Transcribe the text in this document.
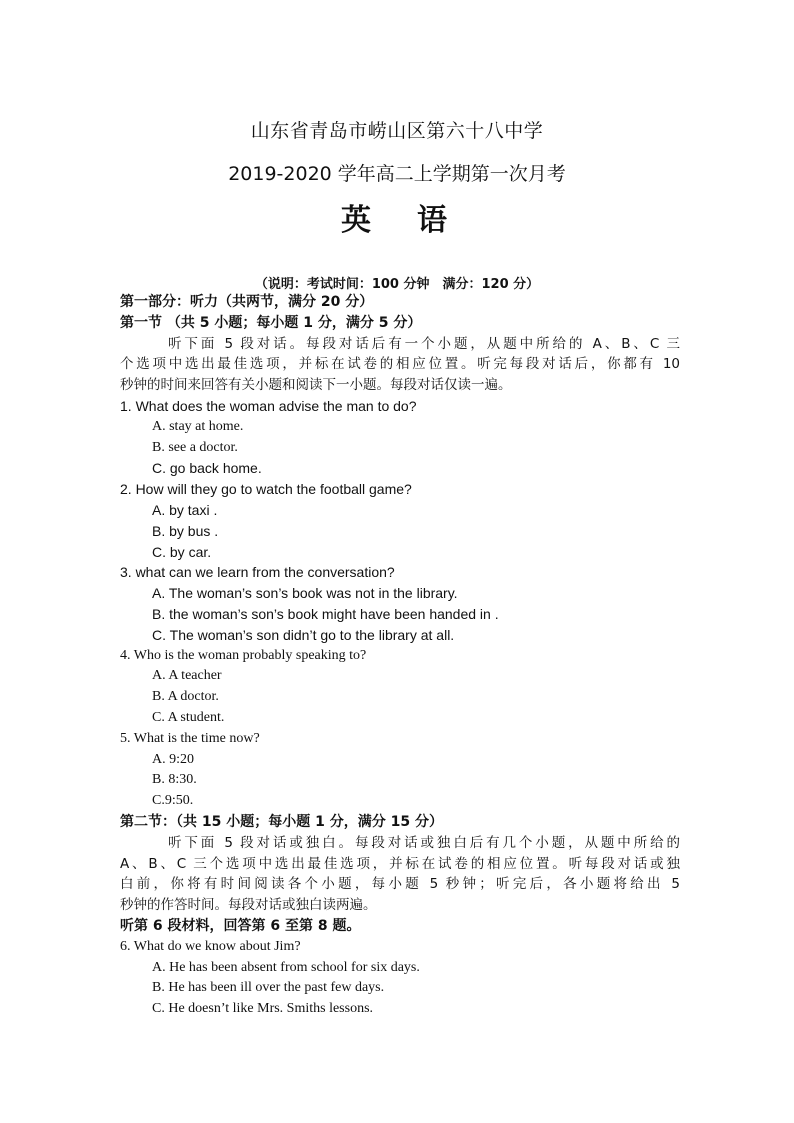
山东省青岛市崂山区第六十八中学
2019-2020 学年高二上学期第一次月考
英 语
（说明：考试时间：100 分钟　满分：120 分）
第一部分：听力（共两节，满分 20 分）
第一节 （共 5 小题；每小题 1 分，满分 5 分）
听下面 5 段对话。每段对话后有一个小题，从题中所给的 A、B、C 三
个选项中选出最佳选项，并标在试卷的相应位置。听完每段对话后，你都有 10
秒钟的时间来回答有关小题和阅读下一小题。每段对话仅读一遍。
1. What does the woman advise the man to do?
A. stay at home.
B. see a doctor.
C. go back home.
2. How will they go to watch the football game?
A. by taxi .
B. by bus .
C. by car.
3. what can we learn from the conversation?
A. The woman’s son’s book was not in the library.
B. the woman’s son’s book might have been handed in .
C. The woman’s son didn’t go to the library at all.
4. Who is the woman probably speaking to?
A. A teacher
B. A doctor.
C. A student.
5. What is the time now?
A. 9:20
B. 8:30.
C.9:50.
第二节：（共 15 小题；每小题 1 分，满分 15 分）
听下面 5 段对话或独白。每段对话或独白后有几个小题，从题中所给的
A、B、C 三个选项中选出最佳选项，并标在试卷的相应位置。听每段对话或独
白前，你将有时间阅读各个小题，每小题 5 秒钟；听完后，各小题将给出 5
秒钟的作答时间。每段对话或独白读两遍。
听第 6 段材料，回答第 6 至第 8 题。
6. What do we know about Jim?
A. He has been absent from school for six days.
B. He has been ill over the past few days.
C. He doesn’t like Mrs. Smiths lessons.
